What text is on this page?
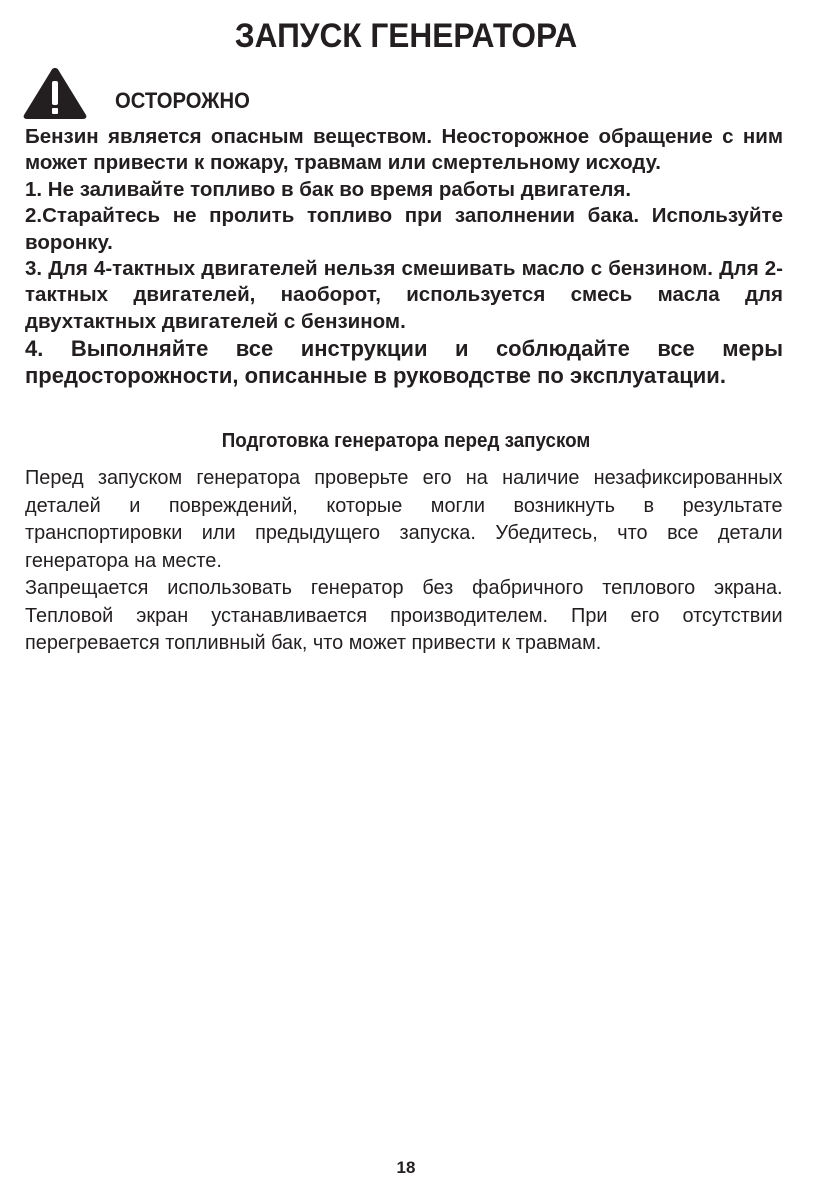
ЗАПУСК ГЕНЕРАТОРА
ОСТОРОЖНО

Бензин является опасным веществом. Неосторожное обращение с ним может привести к пожару, травмам или смертельному исходу.

1. Не заливайте топливо в бак во время работы двигателя.

2.Старайтесь не пролить топливо при заполнении бака. Используйте воронку.

3. Для 4-тактных двигателей нельзя смешивать масло с бензином. Для 2-тактных двигателей, наоборот, используется смесь масла для двухтактных двигателей с бензином.

4. Выполняйте все инструкции и соблюдайте все меры предосторожности, описанные в руководстве по эксплуатации.

Подготовка генератора перед запуском

Перед запуском генератора проверьте его на наличие незафиксированных деталей и повреждений, которые могли возникнуть в результате транспортировки или предыдущего запуска. Убедитесь, что все детали генератора на месте.

Запрещается использовать генератор без фабричного теплового экрана. Тепловой экран устанавливается производителем. При его отсутствии перегревается топливный бак, что может привести к травмам.

18
